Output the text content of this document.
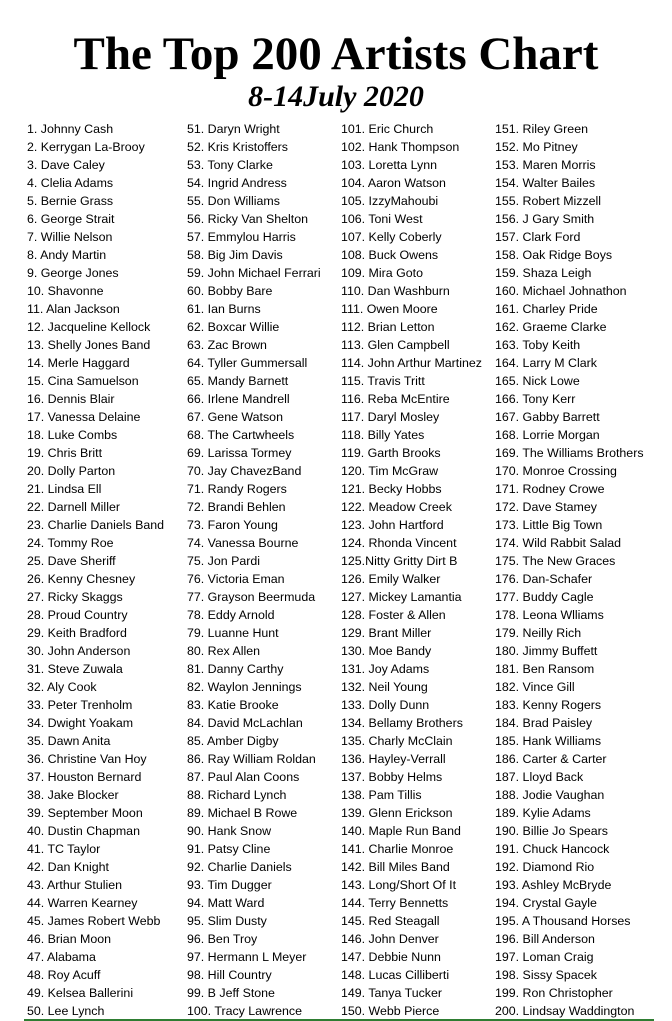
The Top 200 Artists Chart
8-14July 2020
1. Johnny Cash
2. Kerrygan La-Brooy
3. Dave Caley
4. Clelia Adams
5. Bernie Grass
6. George Strait
7. Willie Nelson
8. Andy Martin
9. George Jones
10. Shavonne
11. Alan Jackson
12. Jacqueline Kellock
13. Shelly Jones Band
14. Merle Haggard
15. Cina Samuelson
16. Dennis Blair
17. Vanessa Delaine
18. Luke Combs
19. Chris Britt
20. Dolly Parton
21. Lindsa Ell
22. Darnell Miller
23. Charlie Daniels Band
24. Tommy Roe
25. Dave Sheriff
26. Kenny Chesney
27. Ricky Skaggs
28. Proud Country
29. Keith Bradford
30. John Anderson
31. Steve Zuwala
32. Aly Cook
33. Peter Trenholm
34. Dwight Yoakam
35. Dawn Anita
36. Christine Van Hoy
37. Houston Bernard
38. Jake Blocker
39. September Moon
40. Dustin Chapman
41. TC Taylor
42. Dan Knight
43. Arthur Stulien
44. Warren Kearney
45. James Robert Webb
46. Brian Moon
47. Alabama
48. Roy Acuff
49. Kelsea Ballerini
50. Lee Lynch
51. Daryn Wright
52. Kris Kristoffers
53. Tony Clarke
54. Ingrid Andress
55. Don Williams
56. Ricky Van Shelton
57. Emmylou Harris
58. Big Jim Davis
59. John Michael Ferrari
60. Bobby Bare
61. Ian Burns
62. Boxcar Willie
63. Zac Brown
64. Tyller Gummersall
65. Mandy Barnett
66. Irlene Mandrell
67. Gene Watson
68. The Cartwheels
69. Larissa Tormey
70. Jay ChavezBand
71. Randy Rogers
72. Brandi Behlen
73. Faron Young
74. Vanessa Bourne
75. Jon Pardi
76. Victoria Eman
77. Grayson Beermuda
78. Eddy Arnold
79. Luanne Hunt
80. Rex Allen
81. Danny Carthy
82. Waylon Jennings
83. Katie Brooke
84. David McLachlan
85. Amber Digby
86. Ray William Roldan
87. Paul Alan Coons
88. Richard Lynch
89. Michael B Rowe
90. Hank Snow
91. Patsy Cline
92. Charlie Daniels
93. Tim Dugger
94. Matt Ward
95. Slim Dusty
96. Ben Troy
97. Hermann L Meyer
98. Hill Country
99. B Jeff Stone
100. Tracy Lawrence
101. Eric Church
102. Hank Thompson
103. Loretta Lynn
104. Aaron Watson
105. IzzyMahoubi
106. Toni West
107. Kelly Coberly
108. Buck Owens
109. Mira Goto
110. Dan Washburn
111. Owen Moore
112. Brian Letton
113. Glen Campbell
114. John Arthur Martinez
115. Travis Tritt
116. Reba McEntire
117. Daryl Mosley
118. Billy Yates
119. Garth Brooks
120. Tim McGraw
121. Becky Hobbs
122. Meadow Creek
123. John Hartford
124. Rhonda Vincent
125.Nitty Gritty Dirt B
126. Emily Walker
127. Mickey Lamantia
128. Foster & Allen
129. Brant Miller
130. Moe Bandy
131. Joy Adams
132. Neil Young
133. Dolly Dunn
134. Bellamy Brothers
135. Charly McClain
136. Hayley-Verrall
137. Bobby Helms
138. Pam Tillis
139. Glenn Erickson
140. Maple Run Band
141. Charlie Monroe
142. Bill Miles Band
143. Long/Short Of It
144. Terry Bennetts
145. Red Steagall
146. John Denver
147. Debbie Nunn
148. Lucas Cilliberti
149. Tanya Tucker
150. Webb Pierce
151. Riley Green
152. Mo Pitney
153. Maren Morris
154. Walter Bailes
155. Robert Mizzell
156. J Gary Smith
157. Clark Ford
158. Oak Ridge Boys
159. Shaza Leigh
160. Michael Johnathon
161. Charley Pride
162. Graeme Clarke
163. Toby Keith
164. Larry M Clark
165. Nick Lowe
166. Tony Kerr
167. Gabby Barrett
168. Lorrie Morgan
169. The Williams Brothers
170. Monroe Crossing
171. Rodney Crowe
172. Dave Stamey
173. Little Big Town
174. Wild Rabbit Salad
175. The New Graces
176. Dan-Schafer
177. Buddy Cagle
178. Leona Wlliams
179. Neilly Rich
180. Jimmy Buffett
181. Ben Ransom
182. Vince Gill
183. Kenny Rogers
184. Brad Paisley
185. Hank Williams
186. Carter & Carter
187. Lloyd Back
188. Jodie Vaughan
189. Kylie Adams
190. Billie Jo Spears
191. Chuck Hancock
192. Diamond Rio
193. Ashley McBryde
194. Crystal Gayle
195. A Thousand Horses
196. Bill Anderson
197. Loman Craig
198. Sissy Spacek
199. Ron Christopher
200. Lindsay Waddington
